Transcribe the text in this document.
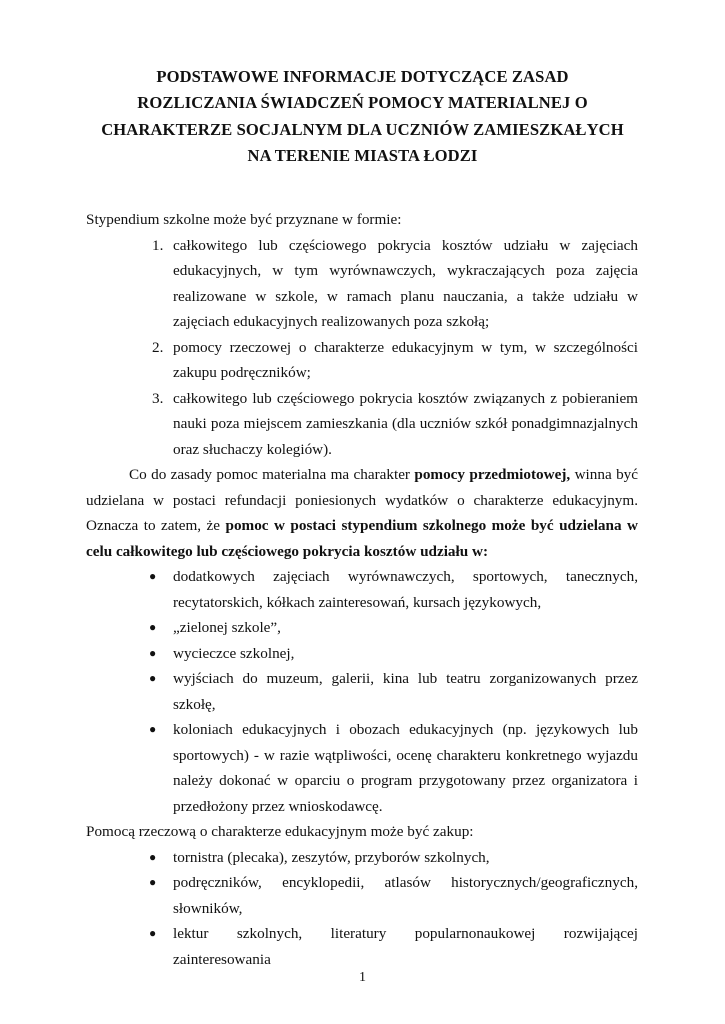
PODSTAWOWE INFORMACJE DOTYCZĄCE ZASAD
ROZLICZANIA ŚWIADCZEŃ POMOCY MATERIALNEJ O
CHARAKTERZE SOCJALNYM DLA UCZNIÓW ZAMIESZKAŁYCH
NA TERENIE MIASTA ŁODZI

Stypendium szkolne może być przyznane w formie:

1. całkowitego lub częściowego pokrycia kosztów udziału w zajęciach edukacyjnych, w tym wyrównawczych, wykraczających poza zajęcia realizowane w szkole, w ramach planu nauczania, a także udziału w zajęciach edukacyjnych realizowanych poza szkołą;
2. pomocy rzeczowej o charakterze edukacyjnym w tym, w szczególności zakupu podręczników;
3. całkowitego lub częściowego pokrycia kosztów związanych z pobieraniem nauki poza miejscem zamieszkania (dla uczniów szkół ponadgimnazjalnych oraz słuchaczy kolegiów).

Co do zasady pomoc materialna ma charakter pomocy przedmiotowej, winna być udzielana w postaci refundacji poniesionych wydatków o charakterze edukacyjnym. Oznacza to zatem, że pomoc w postaci stypendium szkolnego może być udzielana w celu całkowitego lub częściowego pokrycia kosztów udziału w:

● dodatkowych zajęciach wyrównawczych, sportowych, tanecznych, recytatorskich, kółkach zainteresowań, kursach językowych,
● „zielonej szkole”,
● wycieczce szkolnej,
● wyjściach do muzeum, galerii, kina lub teatru zorganizowanych przez szkołę,
● koloniach edukacyjnych i obozach edukacyjnych (np. językowych lub sportowych) - w razie wątpliwości, ocenę charakteru konkretnego wyjazdu należy dokonać w oparciu o program przygotowany przez organizatora i przedłożony przez wnioskodawcę.

Pomocą rzeczową o charakterze edukacyjnym może być zakup:

● tornistra (plecaka), zeszytów, przyborów szkolnych,
● podręczników, encyklopedii, atlasów historycznych/geograficznych, słowników,
● lektur szkolnych, literatury popularnonaukowej rozwijającej zainteresowania
1
